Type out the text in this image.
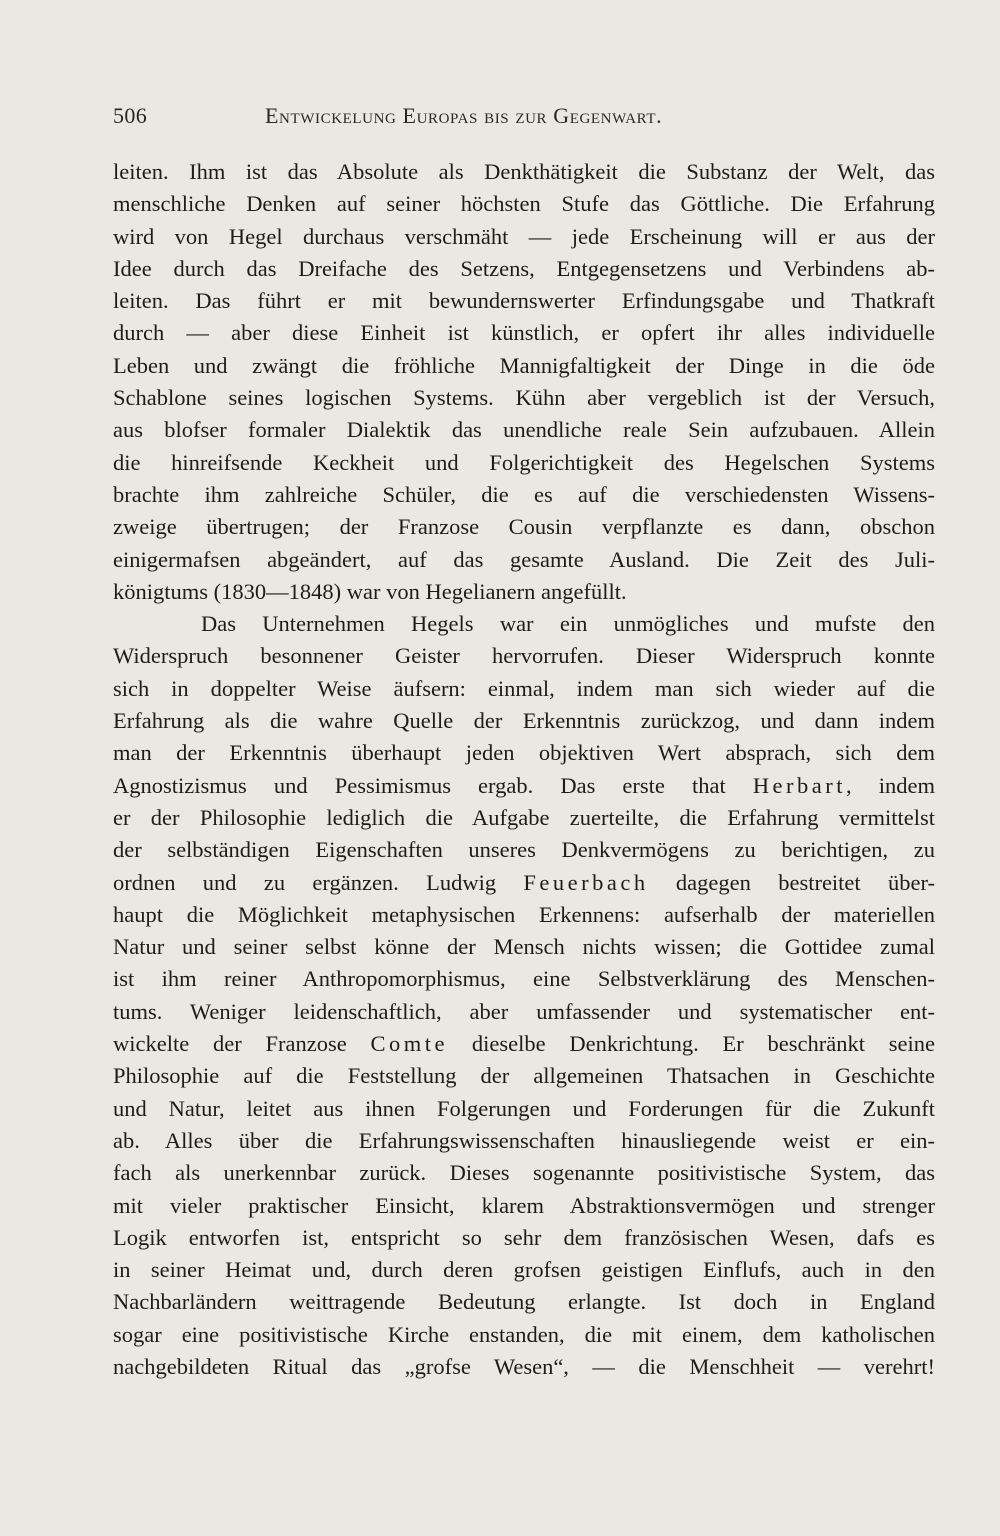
506	Entwickelung Europas bis zur Gegenwart.
leiten. Ihm ist das Absolute als Denkthätigkeit die Substanz der Welt, das
menschliche Denken auf seiner höchsten Stufe das Göttliche. Die Erfahrung
wird von Hegel durchaus verschmäht — jede Erscheinung will er aus der
Idee durch das Dreifache des Setzens, Entgegensetzens und Verbindens ab-
leiten. Das führt er mit bewundernswerter Erfindungsgabe und Thatkraft
durch — aber diese Einheit ist künstlich, er opfert ihr alles individuelle
Leben und zwängt die fröhliche Mannigfaltigkeit der Dinge in die öde
Schablone seines logischen Systems. Kühn aber vergeblich ist der Versuch,
aus blofser formaler Dialektik das unendliche reale Sein aufzubauen. Allein
die hinreifsende Keckheit und Folgerichtigkeit des Hegelschen Systems
brachte ihm zahlreiche Schüler, die es auf die verschiedensten Wissens-
zweige übertrugen; der Franzose Cousin verpflanzte es dann, obschon
einigermafsen abgeändert, auf das gesamte Ausland. Die Zeit des Juli-
königtums (1830—1848) war von Hegelianern angefüllt.
Das Unternehmen Hegels war ein unmögliches und mufste den
Widerspruch besonnener Geister hervorrufen. Dieser Widerspruch konnte
sich in doppelter Weise äufsern: einmal, indem man sich wieder auf die
Erfahrung als die wahre Quelle der Erkenntnis zurückzog, und dann indem
man der Erkenntnis überhaupt jeden objektiven Wert absprach, sich dem
Agnostizismus und Pessimismus ergab. Das erste that Herbart, indem
er der Philosophie lediglich die Aufgabe zuerteilte, die Erfahrung vermittelst
der selbständigen Eigenschaften unseres Denkvermögens zu berichtigen, zu
ordnen und zu ergänzen. Ludwig Feuerbach dagegen bestreitet über-
haupt die Möglichkeit metaphysischen Erkennens: aufserhalb der materiellen
Natur und seiner selbst könne der Mensch nichts wissen; die Gottidee zumal
ist ihm reiner Anthropomorphismus, eine Selbstverklärung des Menschen-
tums. Weniger leidenschaftlich, aber umfassender und systematischer ent-
wickelte der Franzose Comte dieselbe Denkrichtung. Er beschränkt seine
Philosophie auf die Feststellung der allgemeinen Thatsachen in Geschichte
und Natur, leitet aus ihnen Folgerungen und Forderungen für die Zukunft
ab. Alles über die Erfahrungswissenschaften hinausliegende weist er ein-
fach als unerkennbar zurück. Dieses sogenannte positivistische System, das
mit vieler praktischer Einsicht, klarem Abstraktionsvermögen und strenger
Logik entworfen ist, entspricht so sehr dem französischen Wesen, dafs es
in seiner Heimat und, durch deren grofsen geistigen Einflufs, auch in den
Nachbarländern weittragende Bedeutung erlangte. Ist doch in England
sogar eine positivistische Kirche enstanden, die mit einem, dem katholischen
nachgebildeten Ritual das „grofse Wesen“, — die Menschheit — verehrt!
